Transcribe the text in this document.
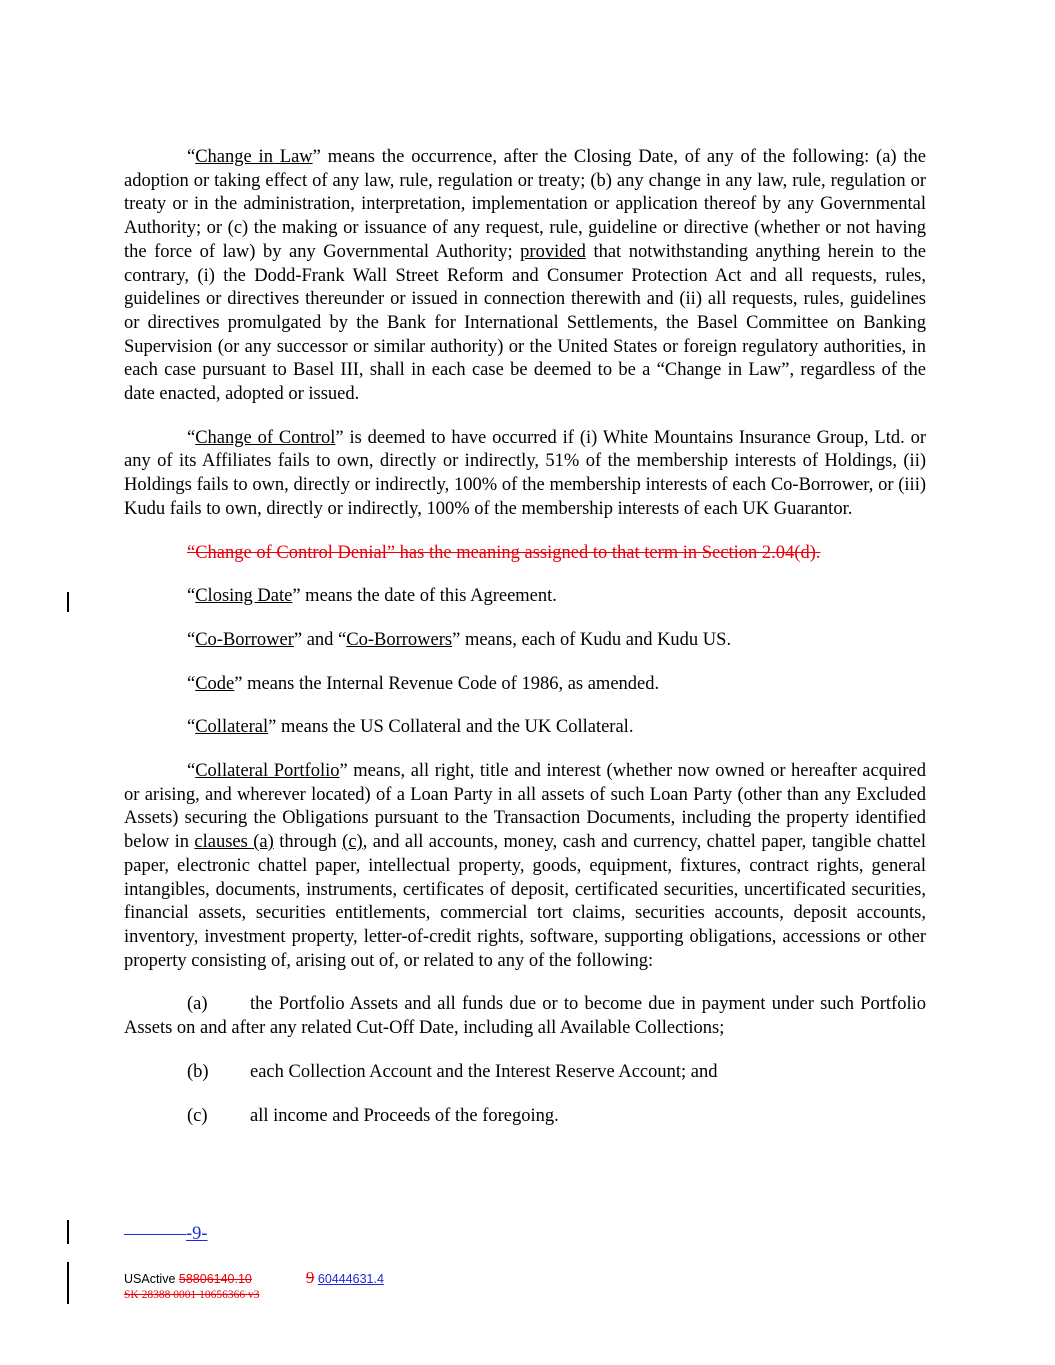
“Change in Law” means the occurrence, after the Closing Date, of any of the following: (a) the adoption or taking effect of any law, rule, regulation or treaty; (b) any change in any law, rule, regulation or treaty or in the administration, interpretation, implementation or application thereof by any Governmental Authority; or (c) the making or issuance of any request, rule, guideline or directive (whether or not having the force of law) by any Governmental Authority; provided that notwithstanding anything herein to the contrary, (i) the Dodd-Frank Wall Street Reform and Consumer Protection Act and all requests, rules, guidelines or directives thereunder or issued in connection therewith and (ii) all requests, rules, guidelines or directives promulgated by the Bank for International Settlements, the Basel Committee on Banking Supervision (or any successor or similar authority) or the United States or foreign regulatory authorities, in each case pursuant to Basel III, shall in each case be deemed to be a “Change in Law”, regardless of the date enacted, adopted or issued.

“Change of Control” is deemed to have occurred if (i) White Mountains Insurance Group, Ltd. or any of its Affiliates fails to own, directly or indirectly, 51% of the membership interests of Holdings, (ii) Holdings fails to own, directly or indirectly, 100% of the membership interests of each Co-Borrower, or (iii) Kudu fails to own, directly or indirectly, 100% of the membership interests of each UK Guarantor.

“Change of Control Denial” has the meaning assigned to that term in Section 2.04(d).

“Closing Date” means the date of this Agreement.

“Co-Borrower” and “Co-Borrowers” means, each of Kudu and Kudu US.

“Code” means the Internal Revenue Code of 1986, as amended.

“Collateral” means the US Collateral and the UK Collateral.

“Collateral Portfolio” means, all right, title and interest (whether now owned or hereafter acquired or arising, and wherever located) of a Loan Party in all assets of such Loan Party (other than any Excluded Assets) securing the Obligations pursuant to the Transaction Documents, including the property identified below in clauses (a) through (c), and all accounts, money, cash and currency, chattel paper, tangible chattel paper, electronic chattel paper, intellectual property, goods, equipment, fixtures, contract rights, general intangibles, documents, instruments, certificates of deposit, certificated securities, uncertificated securities, financial assets, securities entitlements, commercial tort claims, securities accounts, deposit accounts, inventory, investment property, letter-of-credit rights, software, supporting obligations, accessions or other property consisting of, arising out of, or related to any of the following:

(a) the Portfolio Assets and all funds due or to become due in payment under such Portfolio Assets on and after any related Cut-Off Date, including all Available Collections;

(b) each Collection Account and the Interest Reserve Account; and

(c) all income and Proceeds of the foregoing.

-9-
USActive 58806140.10	9 60444631.4
SK 28388 0001 10656366 v3
